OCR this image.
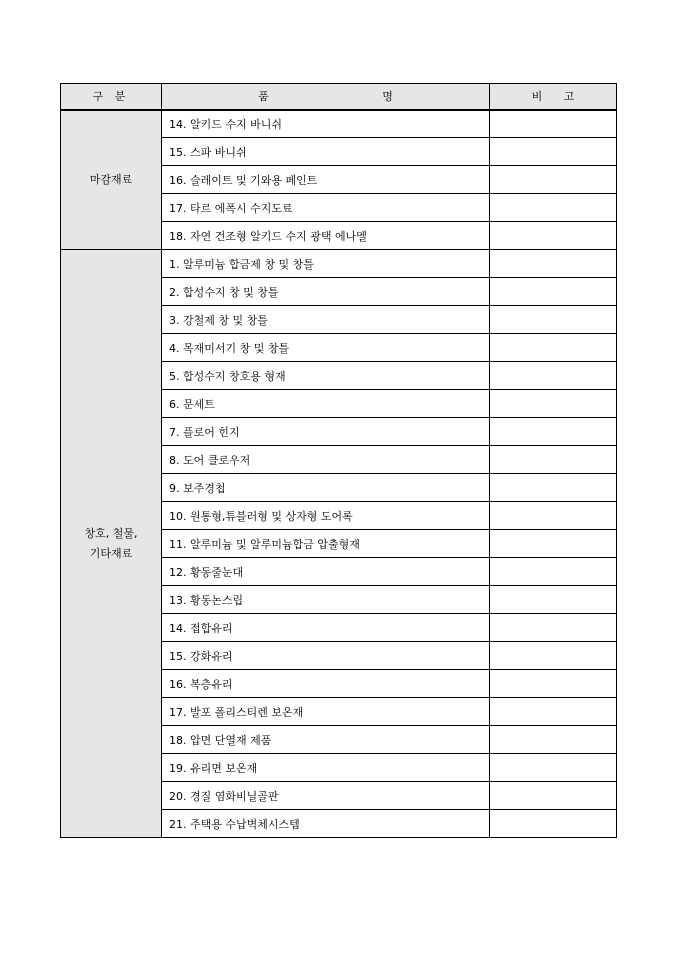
구 분	품 명	비 고

마감재료	14. 알키드 수지 바니쉬	
	15. 스파 바니쉬	
	16. 슬레이트 및 기와용 페인트	
	17. 타르 에폭시 수지도료	
	18. 자연 건조형 알키드 수지 광택 에나멜	

창호, 철물,
기타재료	1. 알루미늄 합금제 창 및 창틀	
	2. 합성수지 창 및 창틀	
	3. 강철제 창 및 창틀	
	4. 목재미서기 창 및 창틀	
	5. 합성수지 창호용 형재	
	6. 문세트	
	7. 플로어 힌지	
	8. 도어 클로우저	
	9. 보주경첩	
	10. 원통형,튜블러형 및 상자형 도어록	
	11. 알루미늄 및 알루미늄합금 압출형재	
	12. 황동줄눈대	
	13. 황동논스립	
	14. 접합유리	
	15. 강화유리	
	16. 복층유리	
	17. 발포 폴리스티렌 보온재	
	18. 압면 단열재 제품	
	19. 유리면 보온재	
	20. 경질 염화비닐골판	
	21. 주택용 수납벽체시스템	
